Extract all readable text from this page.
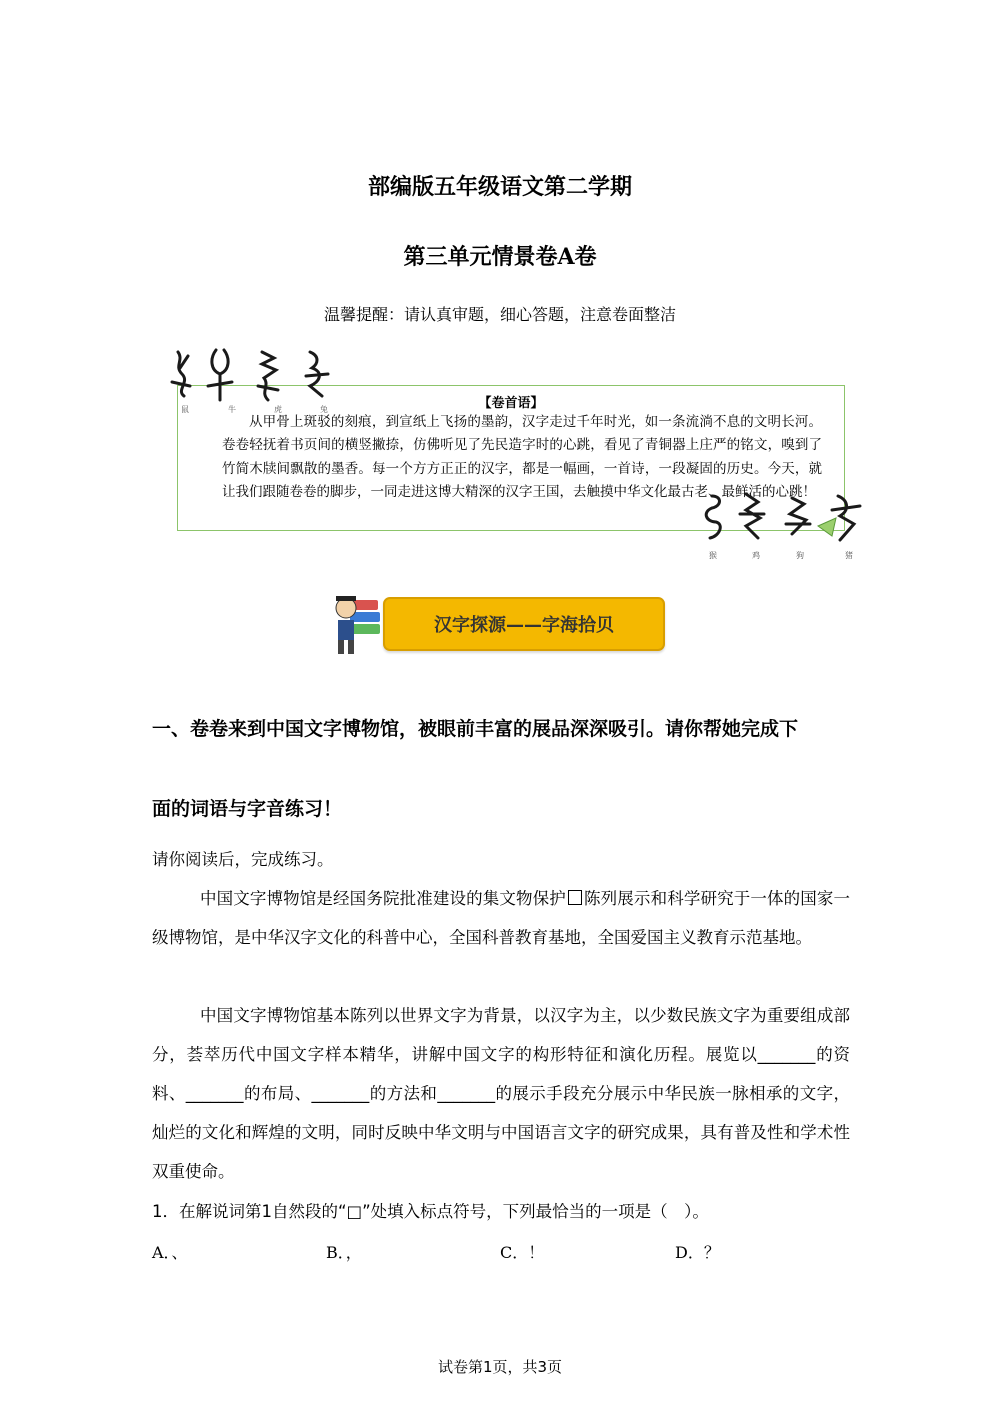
部编版五年级语文第二学期
第三单元情景卷A卷
温馨提醒：请认真审题，细心答题，注意卷面整洁
鼠	牛	虎	兔	【卷首语】
从甲骨上斑驳的刻痕，到宣纸上飞扬的墨韵，汉字走过千年时光，如一条流淌不息的文明长河。卷卷轻抚着书页间的横竖撇捺，仿佛听见了先民造字时的心跳，看见了青铜器上庄严的铭文，嗅到了竹简木牍间飘散的墨香。每一个方方正正的汉字，都是一幅画，一首诗，一段凝固的历史。今天，就让我们跟随卷卷的脚步，一同走进这博大精深的汉字王国，去触摸中华文化最古老、最鲜活的心跳！
猴	鸡	狗	猪
汉字探源——字海拾贝
一、卷卷来到中国文字博物馆，被眼前丰富的展品深深吸引。请你帮她完成下
面的词语与字音练习！
请你阅读后，完成练习。
中国文字博物馆是经国务院批准建设的集文物保护 陈列展示和科学研究于一体的国家一级博物馆，是中华汉字文化的科普中心，全国科普教育基地，全国爱国主义教育示范基地。
中国文字博物馆基本陈列以世界文字为背景，以汉字为主，以少数民族文字为重要组成部分，荟萃历代中国文字样本精华，讲解中国文字的构形特征和演化历程。展览以_______的资料、_______的布局、_______的方法和_______的展示手段充分展示中华民族一脉相承的文字，灿烂的文化和辉煌的文明，同时反映中华文明与中国语言文字的研究成果，具有普及性和学术性双重使命。
1．在解说词第1自然段的“□”处填入标点符号，下列最恰当的一项是（　）。
A．、	B．，	C．！	D．？
试卷第1页，共3页
